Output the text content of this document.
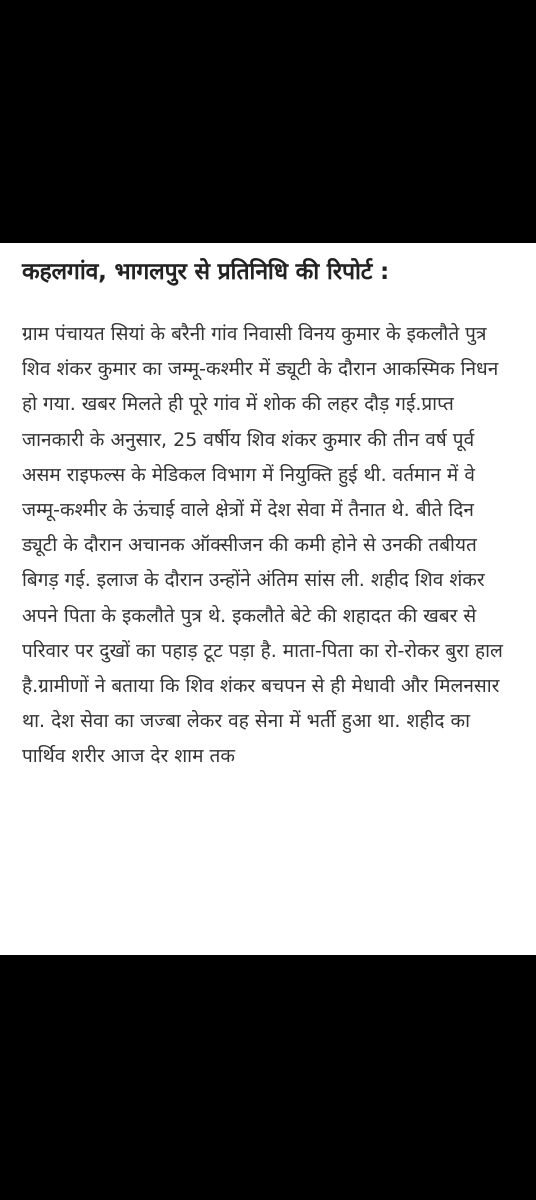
कहलगांव, भागलपुर से प्रतिनिधि की रिपोर्ट :

ग्राम पंचायत सियां के बरैनी गांव निवासी विनय कुमार के इकलौते पुत्र शिव शंकर कुमार का जम्मू-कश्मीर में ड्यूटी के दौरान आकस्मिक निधन हो गया. खबर मिलते ही पूरे गांव में शोक की लहर दौड़ गई.प्राप्त जानकारी के अनुसार, 25 वर्षीय शिव शंकर कुमार की तीन वर्ष पूर्व असम राइफल्स के मेडिकल विभाग में नियुक्ति हुई थी. वर्तमान में वे जम्मू-कश्मीर के ऊंचाई वाले क्षेत्रों में देश सेवा में तैनात थे. बीते दिन ड्यूटी के दौरान अचानक ऑक्सीजन की कमी होने से उनकी तबीयत बिगड़ गई. इलाज के दौरान उन्होंने अंतिम सांस ली. शहीद शिव शंकर अपने पिता के इकलौते पुत्र थे. इकलौते बेटे की शहादत की खबर से परिवार पर दुखों का पहाड़ टूट पड़ा है. माता-पिता का रो-रोकर बुरा हाल है.ग्रामीणों ने बताया कि शिव शंकर बचपन से ही मेधावी और मिलनसार था. देश सेवा का जज्बा लेकर वह सेना में भर्ती हुआ था. शहीद का पार्थिव शरीर आज देर शाम तक
